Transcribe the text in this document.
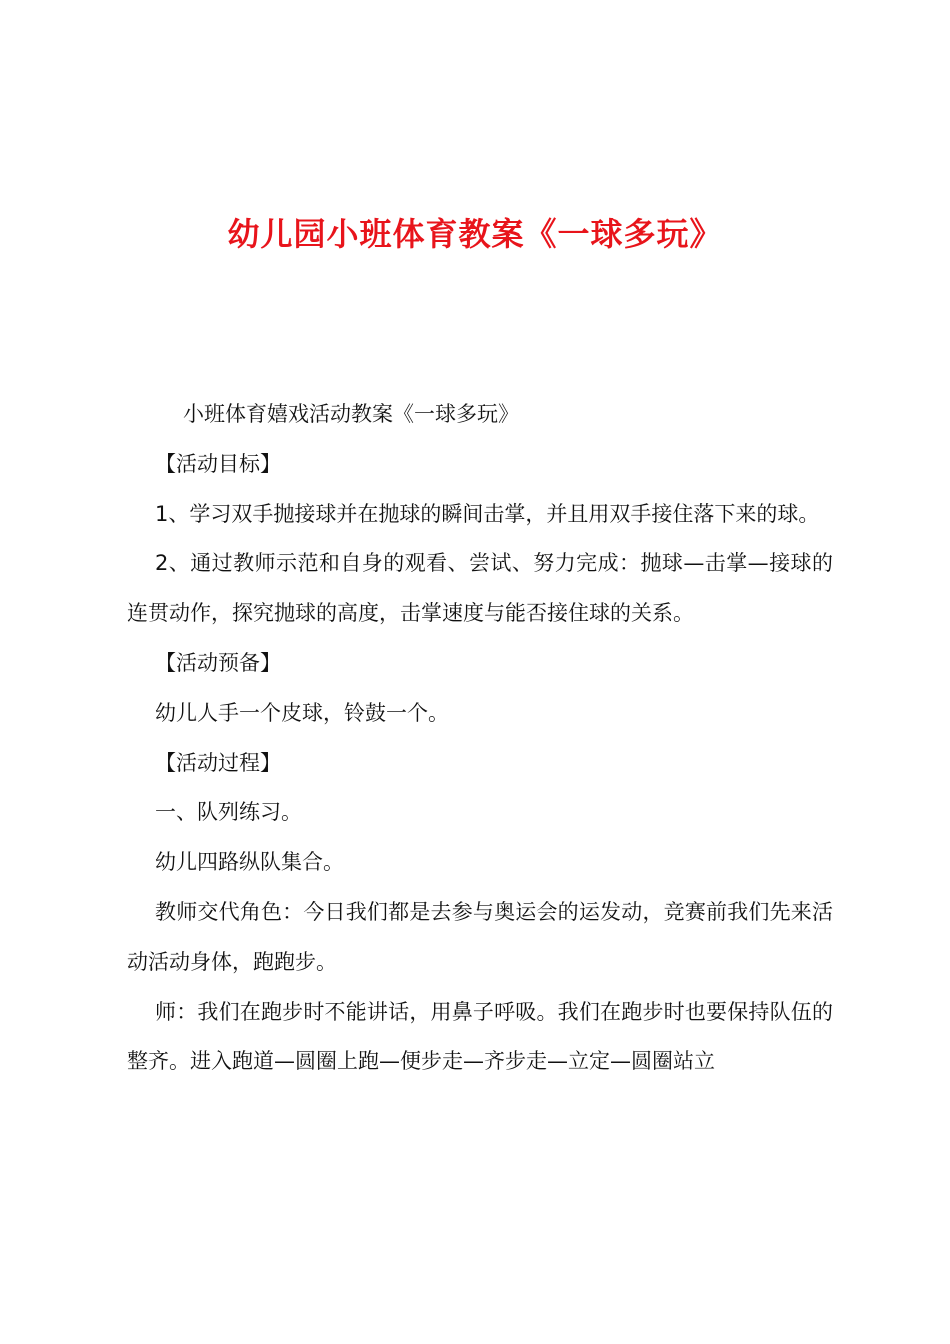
幼儿园小班体育教案《一球多玩》

小班体育嬉戏活动教案《一球多玩》

【活动目标】

1、学习双手抛接球并在抛球的瞬间击掌，并且用双手接住落下来的球。

2、通过教师示范和自身的观看、尝试、努力完成：抛球—击掌—接球的连贯动作，探究抛球的高度，击掌速度与能否接住球的关系。

【活动预备】

幼儿人手一个皮球，铃鼓一个。

【活动过程】

一、队列练习。

幼儿四路纵队集合。

教师交代角色：今日我们都是去参与奥运会的运发动，竞赛前我们先来活动活动身体，跑跑步。

师：我们在跑步时不能讲话，用鼻子呼吸。我们在跑步时也要保持队伍的整齐。进入跑道—圆圈上跑—便步走—齐步走—立定—圆圈站立
